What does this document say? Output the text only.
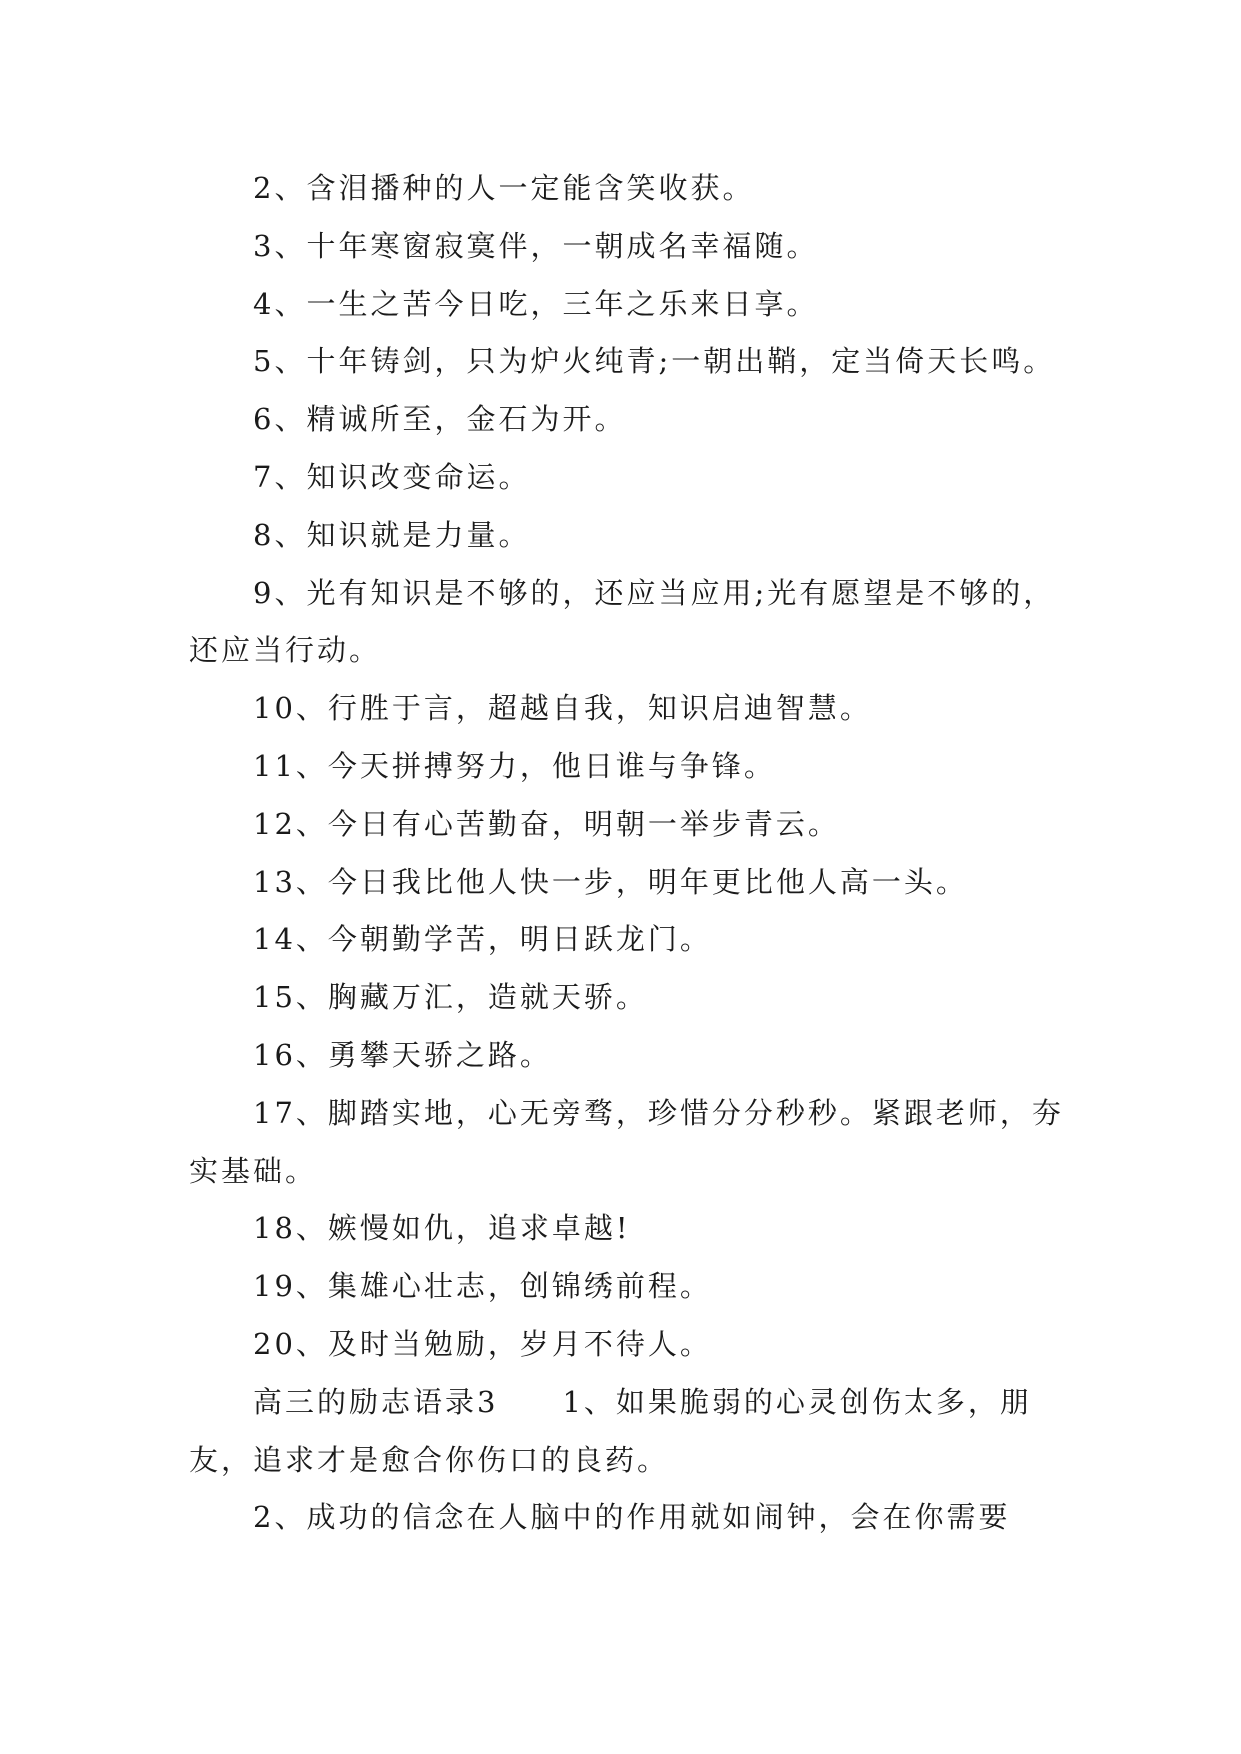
2、含泪播种的人一定能含笑收获。

3、十年寒窗寂寞伴，一朝成名幸福随。

4、一生之苦今日吃，三年之乐来日享。

5、十年铸剑，只为炉火纯青;一朝出鞘，定当倚天长鸣。

6、精诚所至，金石为开。

7、知识改变命运。

8、知识就是力量。

9、光有知识是不够的，还应当应用;光有愿望是不够的，还应当行动。

10、行胜于言，超越自我，知识启迪智慧。

11、今天拼搏努力，他日谁与争锋。

12、今日有心苦勤奋，明朝一举步青云。

13、今日我比他人快一步，明年更比他人高一头。

14、今朝勤学苦，明日跃龙门。

15、胸藏万汇，造就天骄。

16、勇攀天骄之路。

17、脚踏实地，心无旁骛，珍惜分分秒秒。紧跟老师，夯实基础。

18、嫉慢如仇，追求卓越!

19、集雄心壮志，创锦绣前程。

20、及时当勉励，岁月不待人。

高三的励志语录3　　1、如果脆弱的心灵创伤太多，朋友，追求才是愈合你伤口的良药。

2、成功的信念在人脑中的作用就如闹钟，会在你需要
